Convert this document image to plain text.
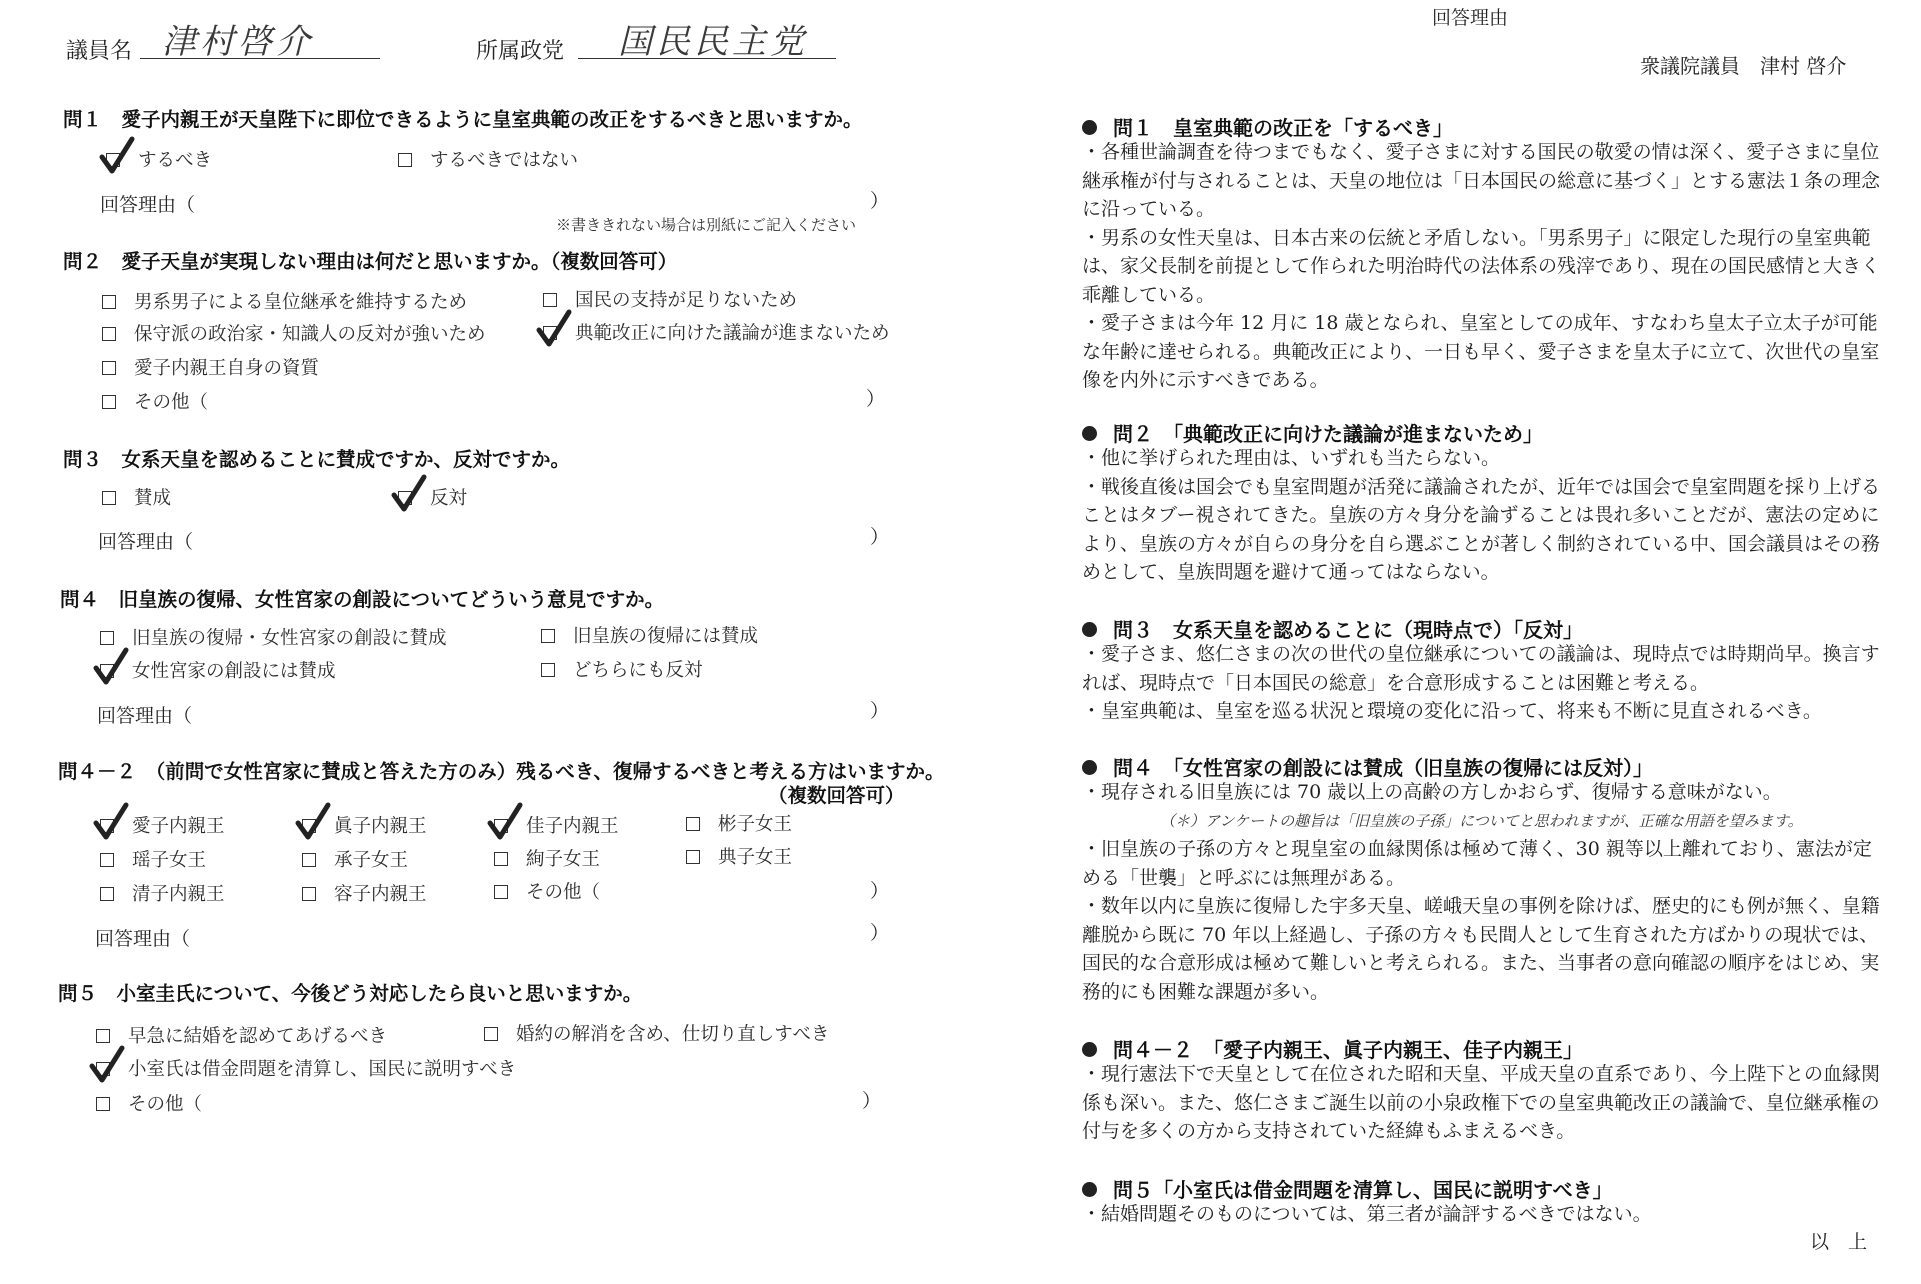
議員名 津村啓介	所属政党 国民民主党
問１　愛子内親王が天皇陛下に即位できるように皇室典範の改正をするべきと思いますか。
するべき	するべきではない
回答理由（	）
※書ききれない場合は別紙にご記入ください
問２　愛子天皇が実現しない理由は何だと思いますか。（複数回答可）
男系男子による皇位継承を維持するため	国民の支持が足りないため
保守派の政治家・知識人の反対が強いため	典範改正に向けた議論が進まないため
愛子内親王自身の資質
その他（	）
問３　女系天皇を認めることに賛成ですか、反対ですか。
賛成	反対
回答理由（	）
問４　旧皇族の復帰、女性宮家の創設についてどういう意見ですか。
旧皇族の復帰・女性宮家の創設に賛成	旧皇族の復帰には賛成
女性宮家の創設には賛成	どちらにも反対
回答理由（	）
問４－２　（前問で女性宮家に賛成と答えた方のみ）残るべき、復帰するべきと考える方はいますか。
（複数回答可）
愛子内親王	眞子内親王	佳子内親王	彬子女王
瑶子女王	承子女王	絢子女王	典子女王
清子内親王	容子内親王	その他（	）
回答理由（	）
問５　小室圭氏について、今後どう対応したら良いと思いますか。
早急に結婚を認めてあげるべき	婚約の解消を含め、仕切り直しすべき
小室氏は借金問題を清算し、国民に説明すべき
その他（	）
回答理由
衆議院議員　津村 啓介
問１　皇室典範の改正を「するべき」

・各種世論調査を待つまでもなく、愛子さまに対する国民の敬愛の情は深く、愛子さまに皇位継承権が付与されることは、天皇の地位は「日本国民の総意に基づく」とする憲法１条の理念に沿っている。

・男系の女性天皇は、日本古来の伝統と矛盾しない。「男系男子」に限定した現行の皇室典範は、家父長制を前提として作られた明治時代の法体系の残滓であり、現在の国民感情と大きく乖離している。

・愛子さまは今年 12 月に 18 歳となられ、皇室としての成年、すなわち皇太子立太子が可能な年齢に達せられる。典範改正により、一日も早く、愛子さまを皇太子に立て、次世代の皇室像を内外に示すべきである。

問２　「典範改正に向けた議論が進まないため」

・他に挙げられた理由は、いずれも当たらない。

・戦後直後は国会でも皇室問題が活発に議論されたが、近年では国会で皇室問題を採り上げることはタブー視されてきた。皇族の方々身分を論ずることは畏れ多いことだが、憲法の定めにより、皇族の方々が自らの身分を自ら選ぶことが著しく制約されている中、国会議員はその務めとして、皇族問題を避けて通ってはならない。

問３　女系天皇を認めることに（現時点で）「反対」

・愛子さま、悠仁さまの次の世代の皇位継承についての議論は、現時点では時期尚早。換言すれば、現時点で「日本国民の総意」を合意形成することは困難と考える。

・皇室典範は、皇室を巡る状況と環境の変化に沿って、将来も不断に見直されるべき。

問４　「女性宮家の創設には賛成（旧皇族の復帰には反対）」

・現存される旧皇族には 70 歳以上の高齢の方しかおらず、復帰する意味がない。

（＊）アンケートの趣旨は「旧皇族の子孫」についてと思われますが、正確な用語を望みます。

・旧皇族の子孫の方々と現皇室の血縁関係は極めて薄く、30 親等以上離れており、憲法が定める「世襲」と呼ぶには無理がある。

・数年以内に皇族に復帰した宇多天皇、嵯峨天皇の事例を除けば、歴史的にも例が無く、皇籍離脱から既に 70 年以上経過し、子孫の方々も民間人として生育された方ばかりの現状では、国民的な合意形成は極めて難しいと考えられる。また、当事者の意向確認の順序をはじめ、実務的にも困難な課題が多い。

問４－２　「愛子内親王、眞子内親王、佳子内親王」

・現行憲法下で天皇として在位された昭和天皇、平成天皇の直系であり、今上陛下との血縁関係も深い。また、悠仁さまご誕生以前の小泉政権下での皇室典範改正の議論で、皇位継承権の付与を多くの方から支持されていた経緯もふまえるべき。

問５「小室氏は借金問題を清算し、国民に説明すべき」

・結婚問題そのものについては、第三者が論評するべきではない。

以　上
